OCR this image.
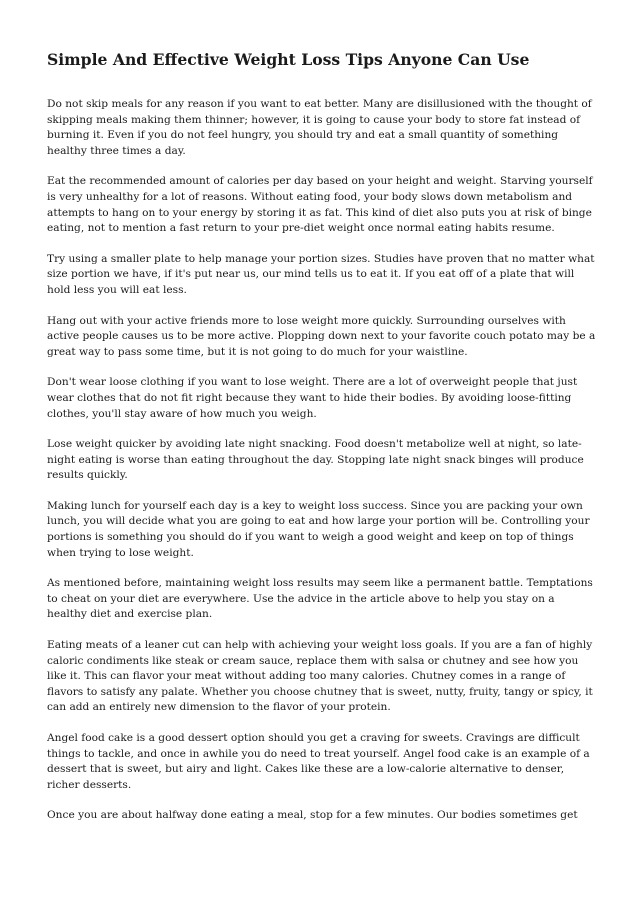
Simple And Effective Weight Loss Tips Anyone Can Use

Do not skip meals for any reason if you want to eat better. Many are disillusioned with the thought of skipping meals making them thinner; however, it is going to cause your body to store fat instead of burning it. Even if you do not feel hungry, you should try and eat a small quantity of something healthy three times a day.

Eat the recommended amount of calories per day based on your height and weight. Starving yourself is very unhealthy for a lot of reasons. Without eating food, your body slows down metabolism and attempts to hang on to your energy by storing it as fat. This kind of diet also puts you at risk of binge eating, not to mention a fast return to your pre-diet weight once normal eating habits resume.

Try using a smaller plate to help manage your portion sizes. Studies have proven that no matter what size portion we have, if it's put near us, our mind tells us to eat it. If you eat off of a plate that will hold less you will eat less.

Hang out with your active friends more to lose weight more quickly. Surrounding ourselves with active people causes us to be more active. Plopping down next to your favorite couch potato may be a great way to pass some time, but it is not going to do much for your waistline.

Don't wear loose clothing if you want to lose weight. There are a lot of overweight people that just wear clothes that do not fit right because they want to hide their bodies. By avoiding loose-fitting clothes, you'll stay aware of how much you weigh.

Lose weight quicker by avoiding late night snacking. Food doesn't metabolize well at night, so late-night eating is worse than eating throughout the day. Stopping late night snack binges will produce results quickly.

Making lunch for yourself each day is a key to weight loss success. Since you are packing your own lunch, you will decide what you are going to eat and how large your portion will be. Controlling your portions is something you should do if you want to weigh a good weight and keep on top of things when trying to lose weight.

As mentioned before, maintaining weight loss results may seem like a permanent battle. Temptations to cheat on your diet are everywhere. Use the advice in the article above to help you stay on a healthy diet and exercise plan.

Eating meats of a leaner cut can help with achieving your weight loss goals. If you are a fan of highly caloric condiments like steak or cream sauce, replace them with salsa or chutney and see how you like it. This can flavor your meat without adding too many calories. Chutney comes in a range of flavors to satisfy any palate. Whether you choose chutney that is sweet, nutty, fruity, tangy or spicy, it can add an entirely new dimension to the flavor of your protein.

Angel food cake is a good dessert option should you get a craving for sweets. Cravings are difficult things to tackle, and once in awhile you do need to treat yourself. Angel food cake is an example of a dessert that is sweet, but airy and light. Cakes like these are a low-calorie alternative to denser, richer desserts.

Once you are about halfway done eating a meal, stop for a few minutes. Our bodies sometimes get
